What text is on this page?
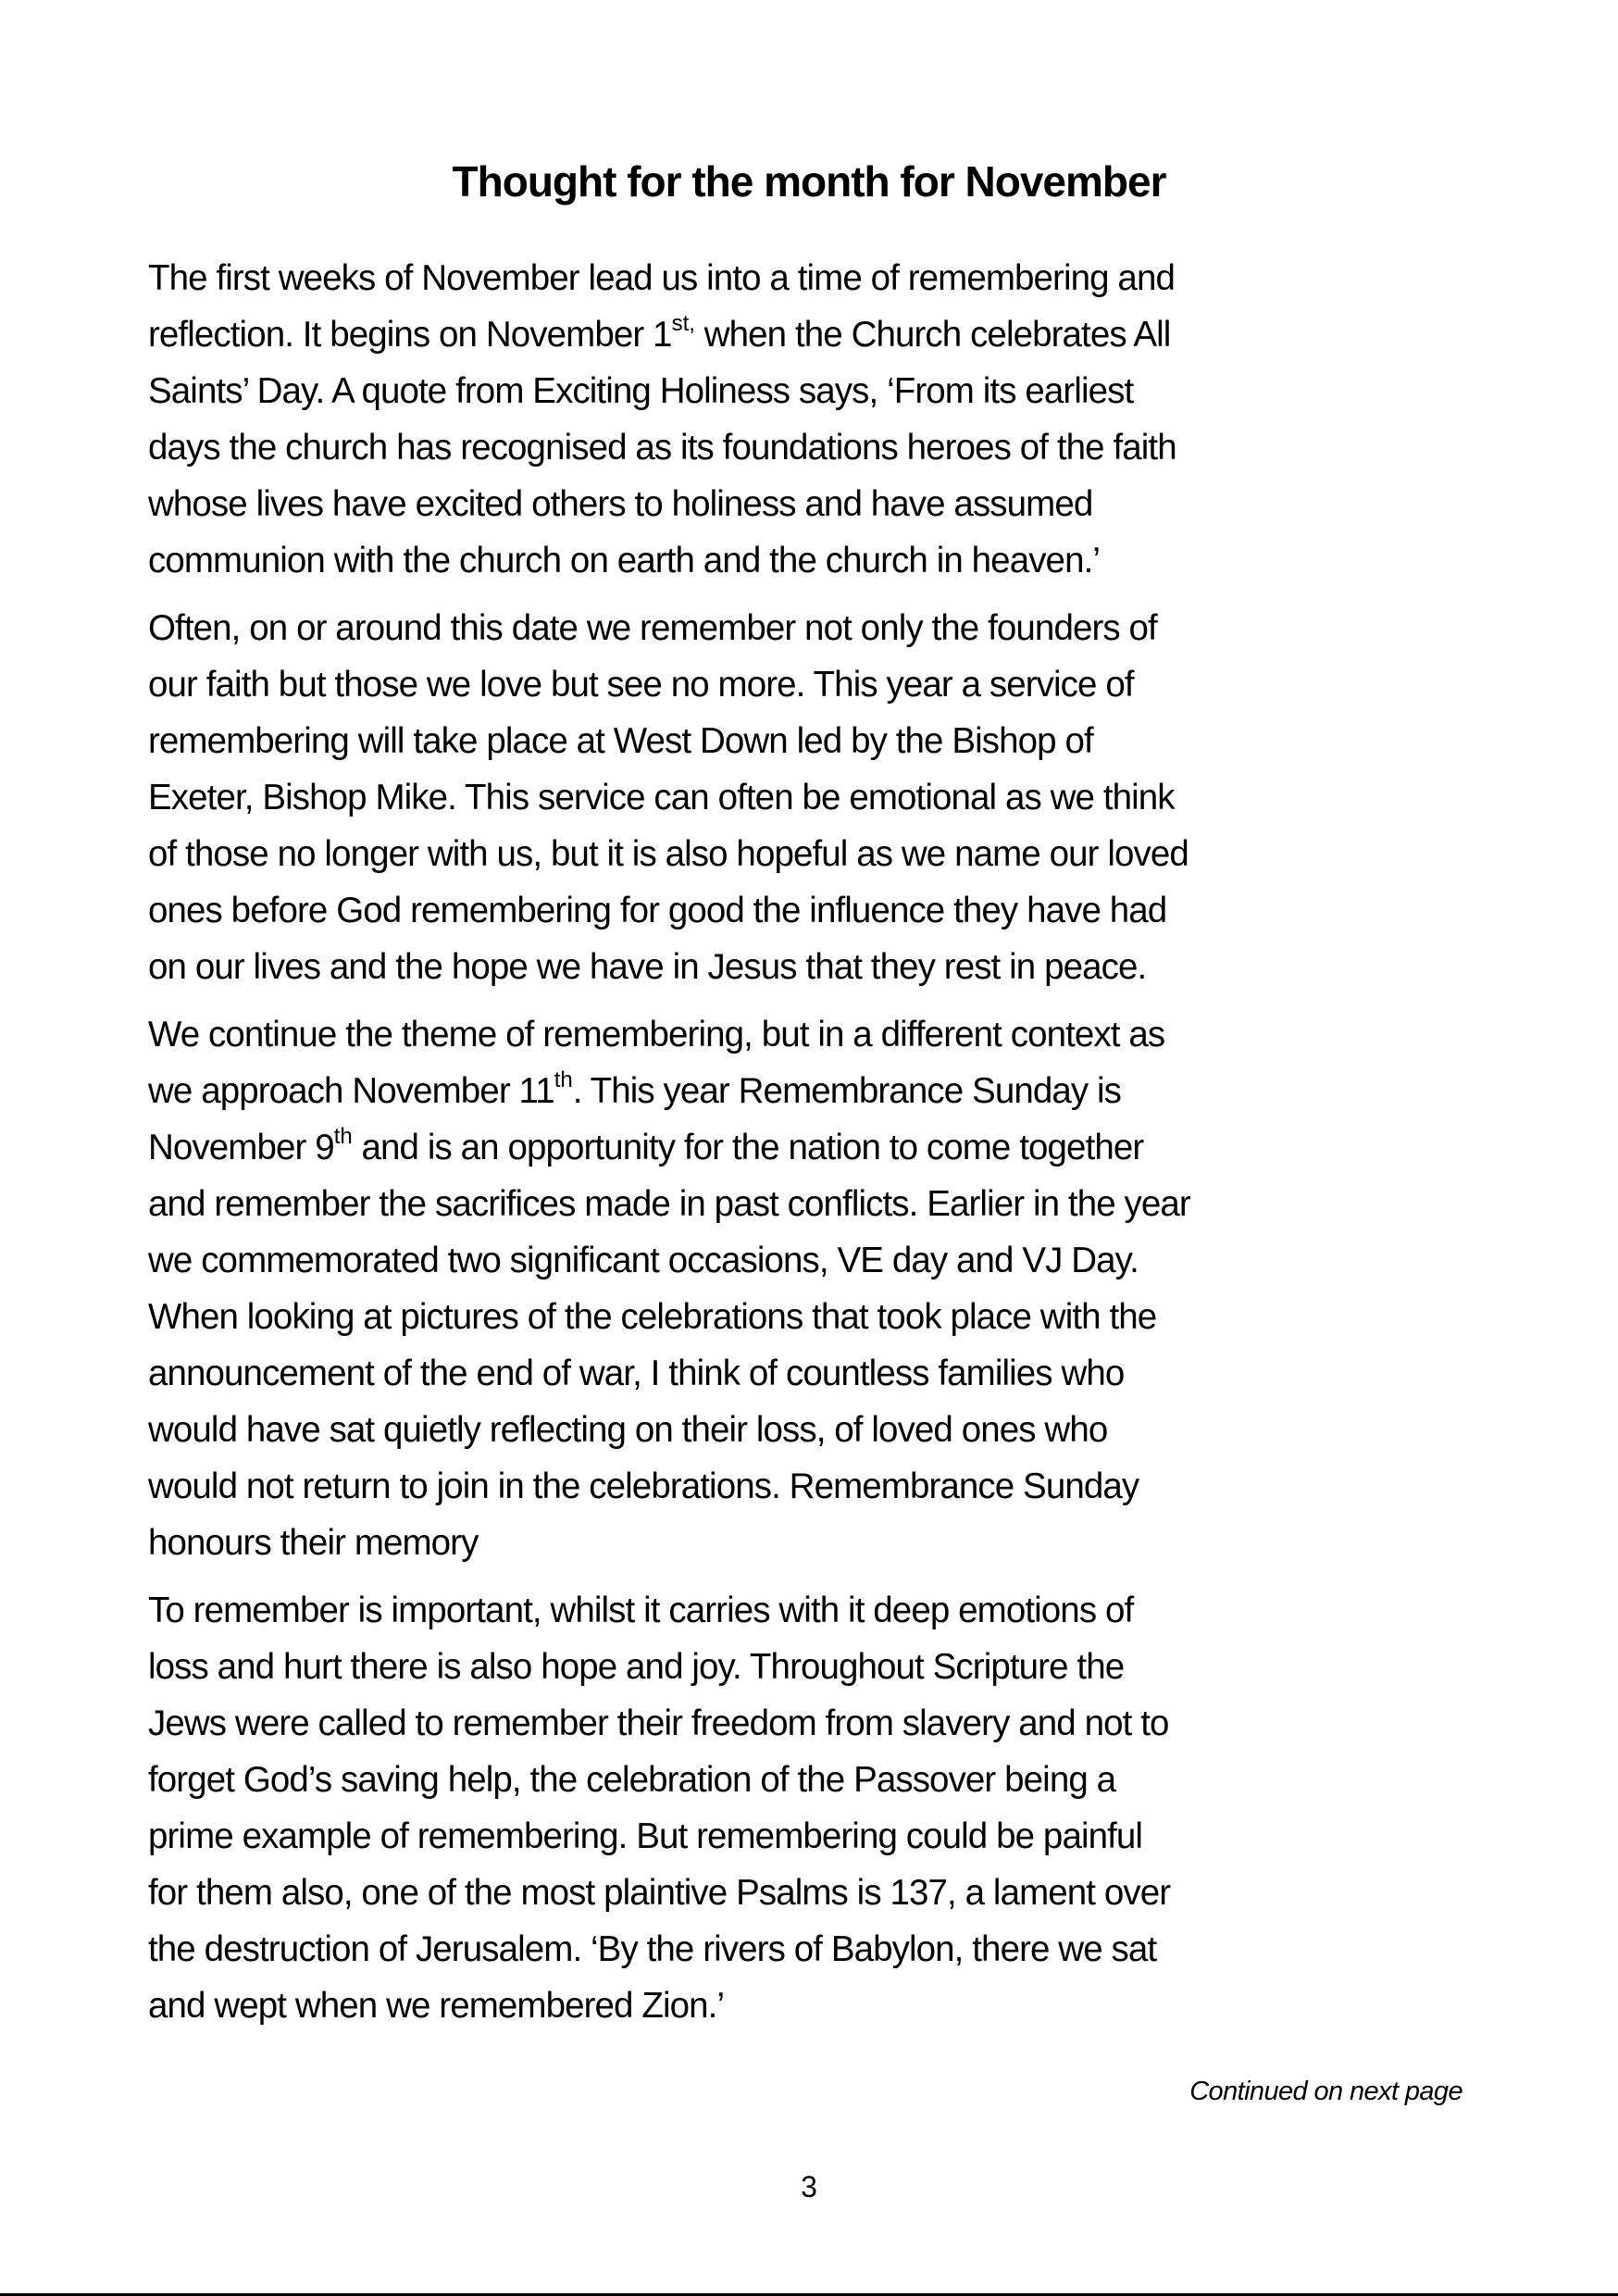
Thought for the month for November

The first weeks of November lead us into a time of remembering and
reflection. It begins on November $1^{st,}$ when the Church celebrates All
Saints’ Day. A quote from Exciting Holiness says, ‘From its earliest
days the church has recognised as its foundations heroes of the faith
whose lives have excited others to holiness and have assumed
communion with the church on earth and the church in heaven.’

Often, on or around this date we remember not only the founders of
our faith but those we love but see no more. This year a service of
remembering will take place at West Down led by the Bishop of
Exeter, Bishop Mike. This service can often be emotional as we think
of those no longer with us, but it is also hopeful as we name our loved
ones before God remembering for good the influence they have had
on our lives and the hope we have in Jesus that they rest in peace.

We continue the theme of remembering, but in a different context as
we approach November 11th. This year Remembrance Sunday is
November 9th and is an opportunity for the nation to come together
and remember the sacrifices made in past conflicts. Earlier in the year
we commemorated two significant occasions, VE day and VJ Day.
When looking at pictures of the celebrations that took place with the
announcement of the end of war, I think of countless families who
would have sat quietly reflecting on their loss, of loved ones who
would not return to join in the celebrations. Remembrance Sunday
honours their memory

To remember is important, whilst it carries with it deep emotions of
loss and hurt there is also hope and joy. Throughout Scripture the
Jews were called to remember their freedom from slavery and not to
forget God’s saving help, the celebration of the Passover being a
prime example of remembering. But remembering could be painful
for them also, one of the most plaintive Psalms is 137, a lament over
the destruction of Jerusalem. ‘By the rivers of Babylon, there we sat
and wept when we remembered Zion.’

Continued on next page
3
